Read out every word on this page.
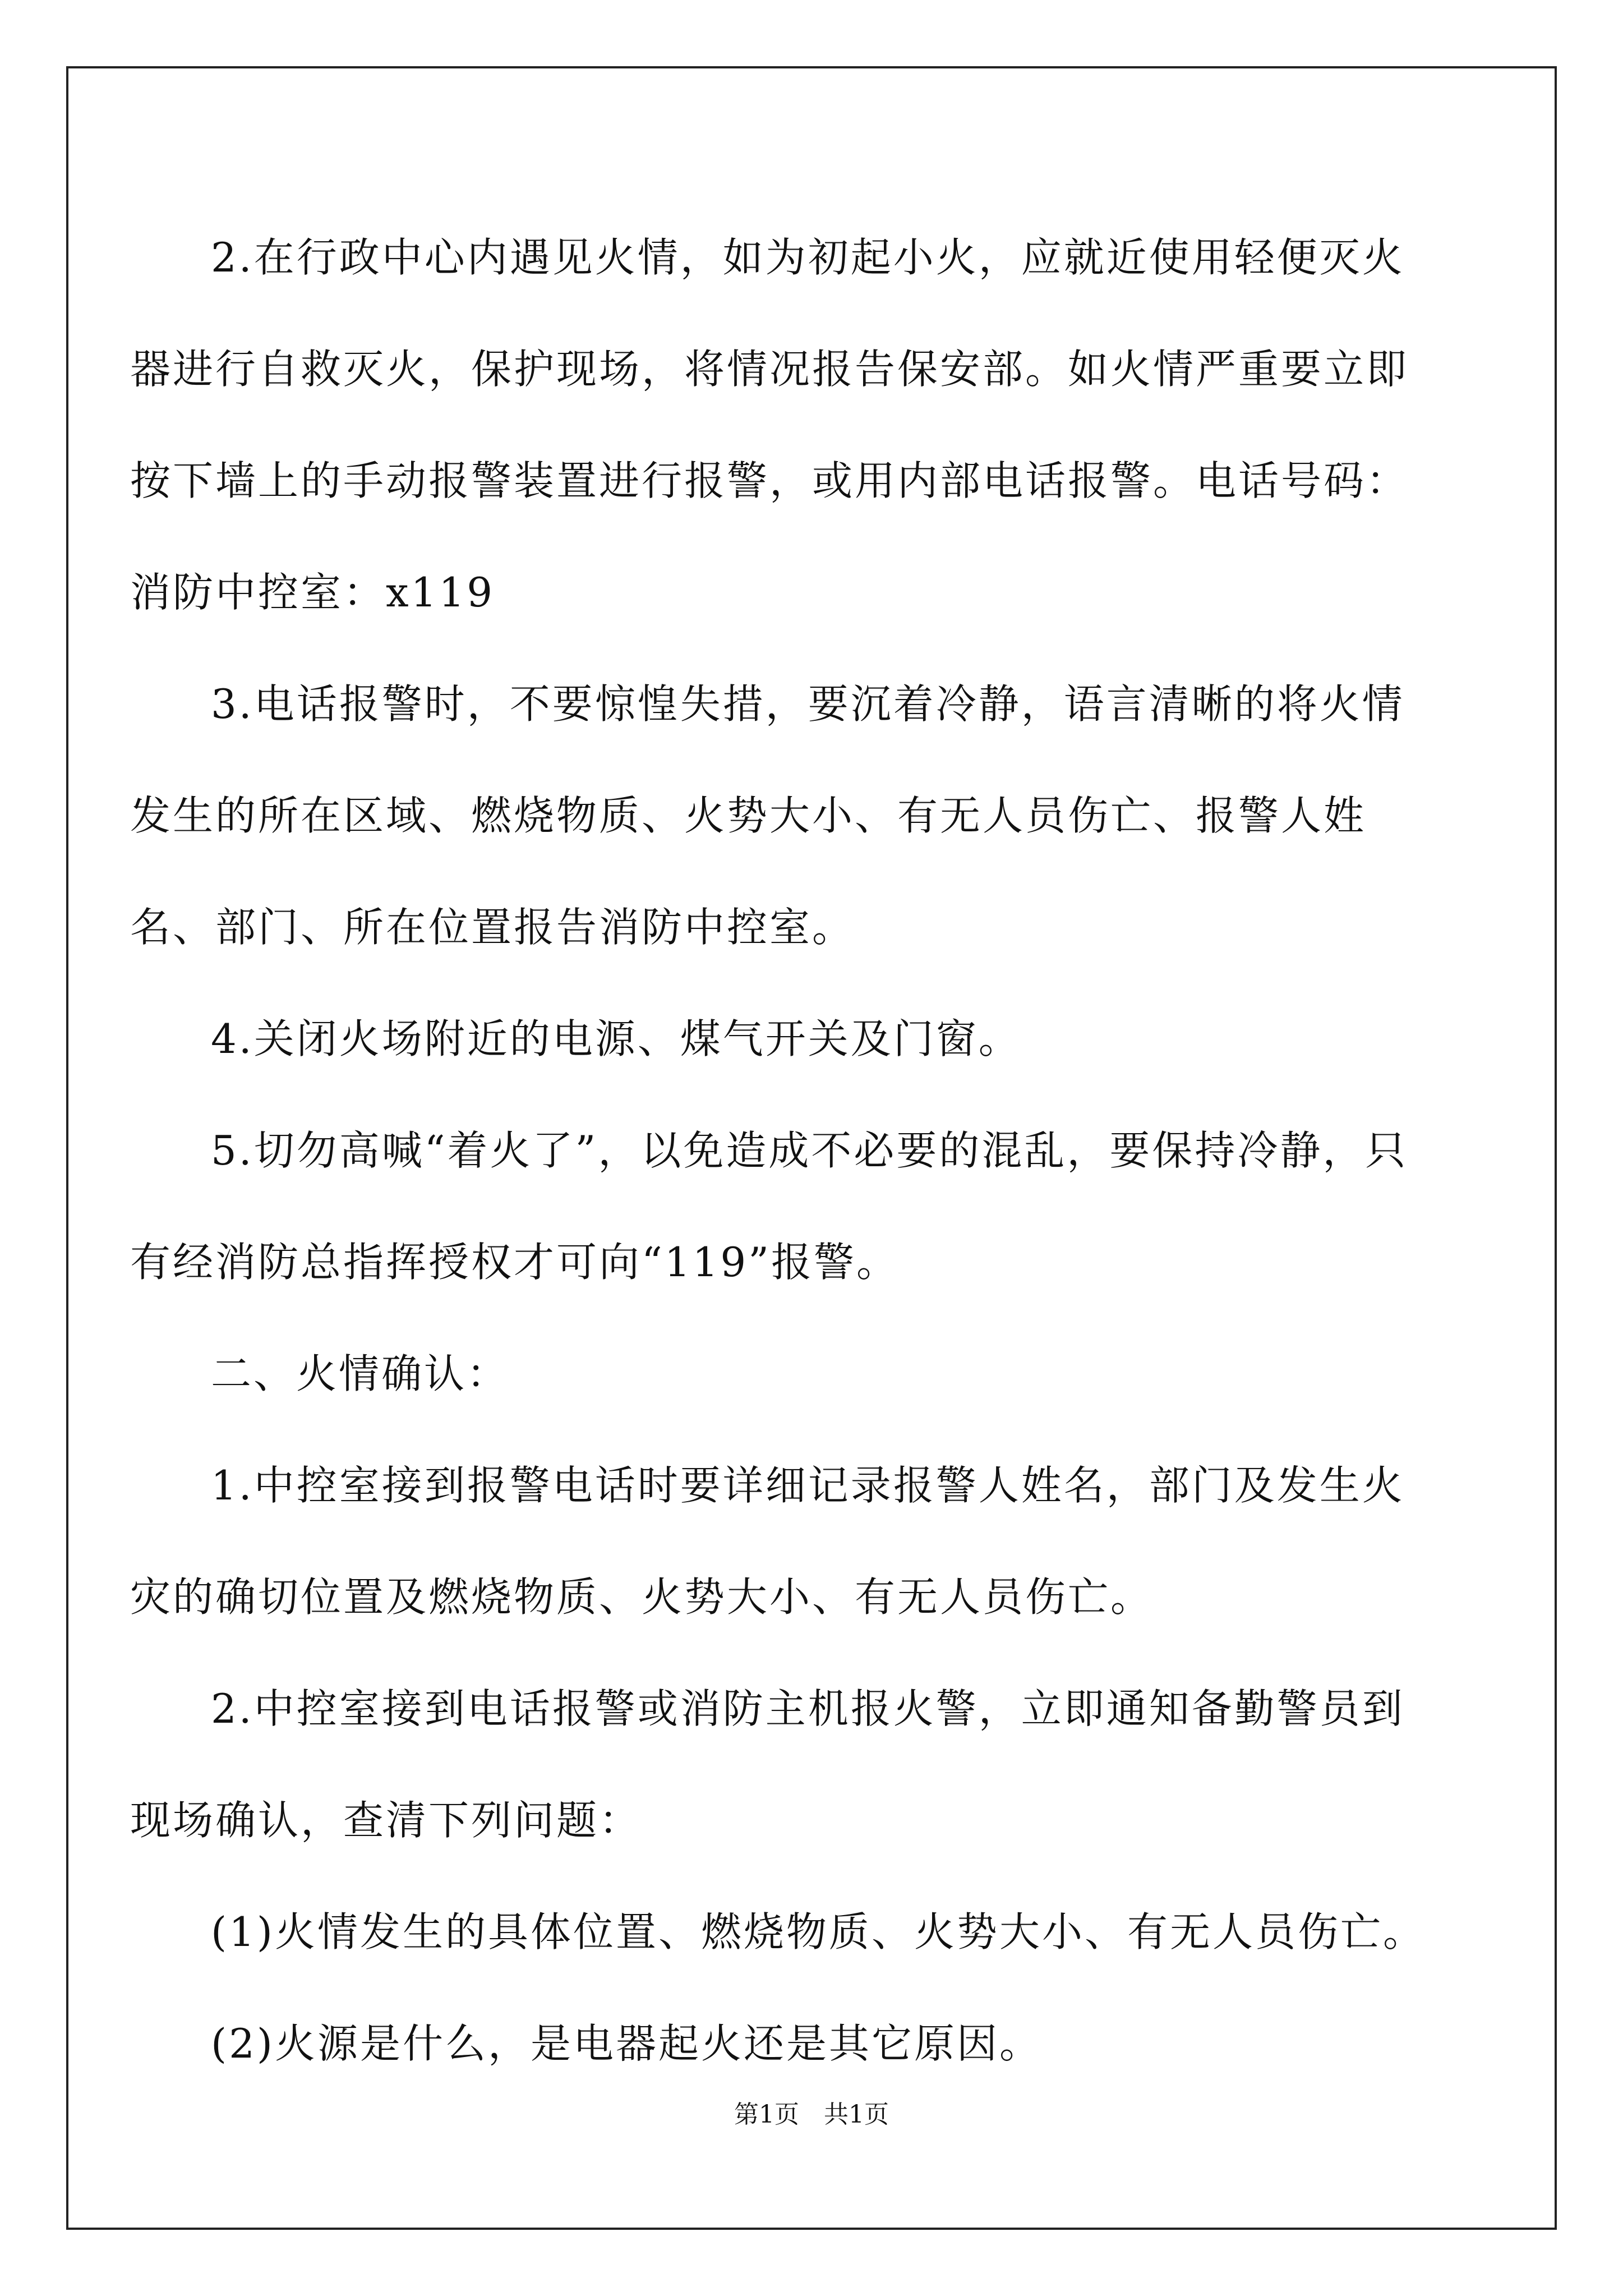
2.在行政中心内遇见火情，如为初起小火，应就近使用轻便灭火器进行自救灭火，保护现场，将情况报告保安部。如火情严重要立即按下墙上的手动报警装置进行报警，或用内部电话报警。电话号码：

消防中控室：x119

3.电话报警时，不要惊惶失措，要沉着冷静，语言清晰的将火情发生的所在区域、燃烧物质、火势大小、有无人员伤亡、报警人姓名、部门、所在位置报告消防中控室。

4.关闭火场附近的电源、煤气开关及门窗。

5.切勿高喊“着火了”，以免造成不必要的混乱，要保持冷静，只有经消防总指挥授权才可向“119”报警。

二、火情确认：

1.中控室接到报警电话时要详细记录报警人姓名，部门及发生火灾的确切位置及燃烧物质、火势大小、有无人员伤亡。

2.中控室接到电话报警或消防主机报火警，立即通知备勤警员到现场确认，查清下列问题：

(1)火情发生的具体位置、燃烧物质、火势大小、有无人员伤亡。

(2)火源是什么，是电器起火还是其它原因。

第1页 共1页
